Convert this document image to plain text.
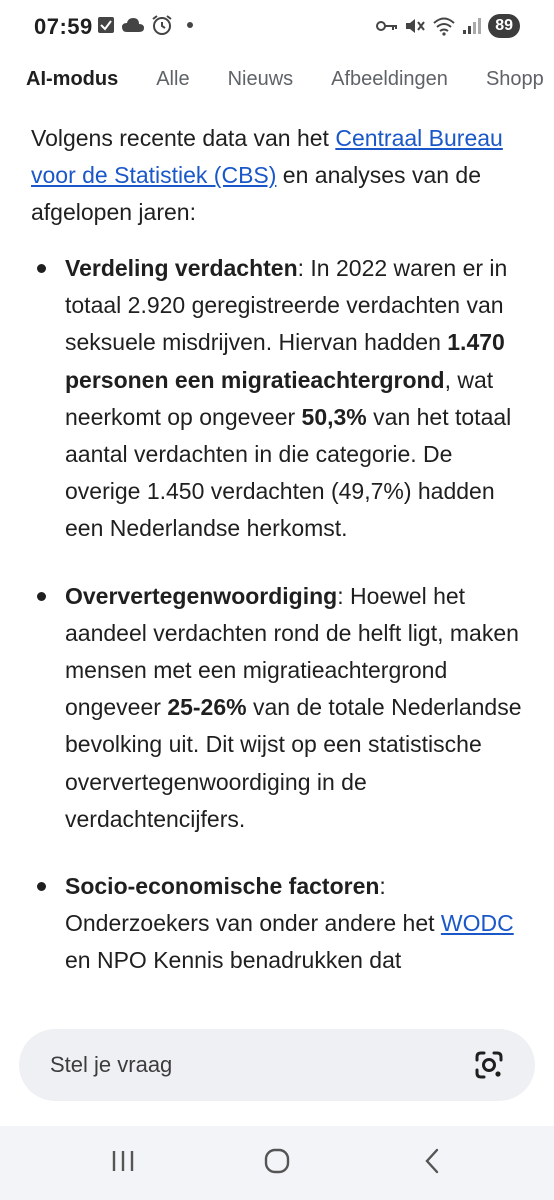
07:59	89
AI-modus Alle Nieuws Afbeeldingen Shopp

Volgens recente data van het Centraal Bureau voor de Statistiek (CBS) en analyses van de afgelopen jaren:

Verdeling verdachten: In 2022 waren er in totaal 2.920 geregistreerde verdachten van seksuele misdrijven. Hiervan hadden 1.470 personen een migratieachtergrond, wat neerkomt op ongeveer 50,3% van het totaal aantal verdachten in die categorie. De overige 1.450 verdachten (49,7%) hadden een Nederlandse herkomst.
Oververtegenwoordiging: Hoewel het aandeel verdachten rond de helft ligt, maken mensen met een migratieachtergrond ongeveer 25-26% van de totale Nederlandse bevolking uit. Dit wijst op een statistische oververtegenwoordiging in de verdachtencijfers.
Socio-economische factoren: Onderzoekers van onder andere het WODC en NPO Kennis benadrukken dat
Stel je vraag
